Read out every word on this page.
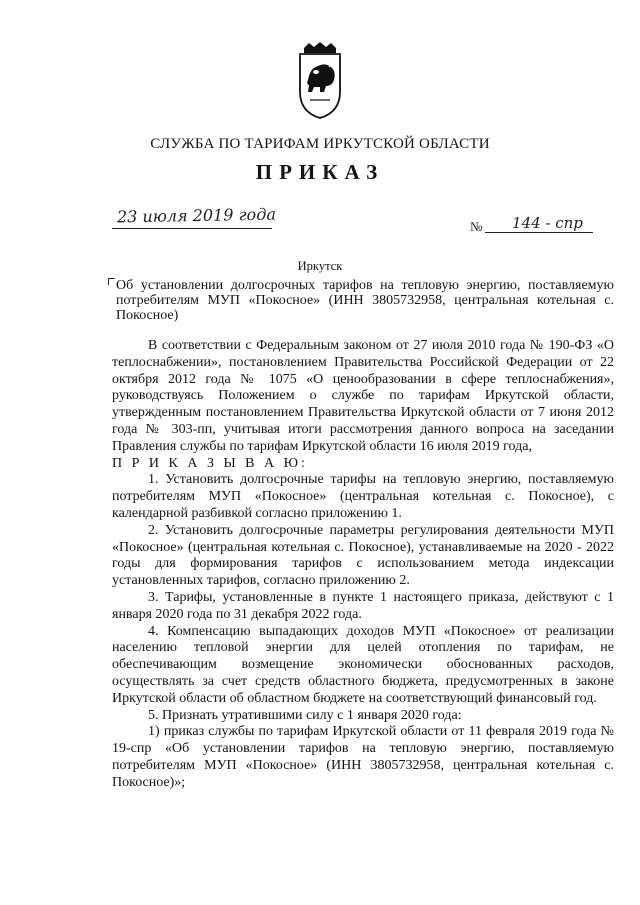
СЛУЖБА ПО ТАРИФАМ ИРКУТСКОЙ ОБЛАСТИ
ПРИКАЗ
23 июля 2019 года
№ 144 - спр
Иркутск
Об установлении долгосрочных тарифов на тепловую энергию, поставляемую потребителям МУП «Покосное» (ИНН 3805732958, центральная котельная с. Покосное)

В соответствии с Федеральным законом от 27 июля 2010 года № 190-ФЗ «О теплоснабжении», постановлением Правительства Российской Федерации от 22 октября 2012 года № 1075 «О ценообразовании в сфере теплоснабжения», руководствуясь Положением о службе по тарифам Иркутской области, утвержденным постановлением Правительства Иркутской области от 7 июня 2012 года № 303-пп, учитывая итоги рассмотрения данного вопроса на заседании Правления службы по тарифам Иркутской области 16 июля 2019 года,

П Р И К А З Ы В А Ю:

1. Установить долгосрочные тарифы на тепловую энергию, поставляемую потребителям МУП «Покосное» (центральная котельная с. Покосное), с календарной разбивкой согласно приложению 1.

2. Установить долгосрочные параметры регулирования деятельности МУП «Покосное» (центральная котельная с. Покосное), устанавливаемые на 2020 - 2022 годы для формирования тарифов с использованием метода индексации установленных тарифов, согласно приложению 2.

3. Тарифы, установленные в пункте 1 настоящего приказа, действуют с 1 января 2020 года по 31 декабря 2022 года.

4. Компенсацию выпадающих доходов МУП «Покосное» от реализации населению тепловой энергии для целей отопления по тарифам, не обеспечивающим возмещение экономически обоснованных расходов, осуществлять за счет средств областного бюджета, предусмотренных в законе Иркутской области об областном бюджете на соответствующий финансовый год.

5. Признать утратившими силу с 1 января 2020 года:

1) приказ службы по тарифам Иркутской области от 11 февраля 2019 года № 19-спр «Об установлении тарифов на тепловую энергию, поставляемую потребителям МУП «Покосное» (ИНН 3805732958, центральная котельная с. Покосное)»;
